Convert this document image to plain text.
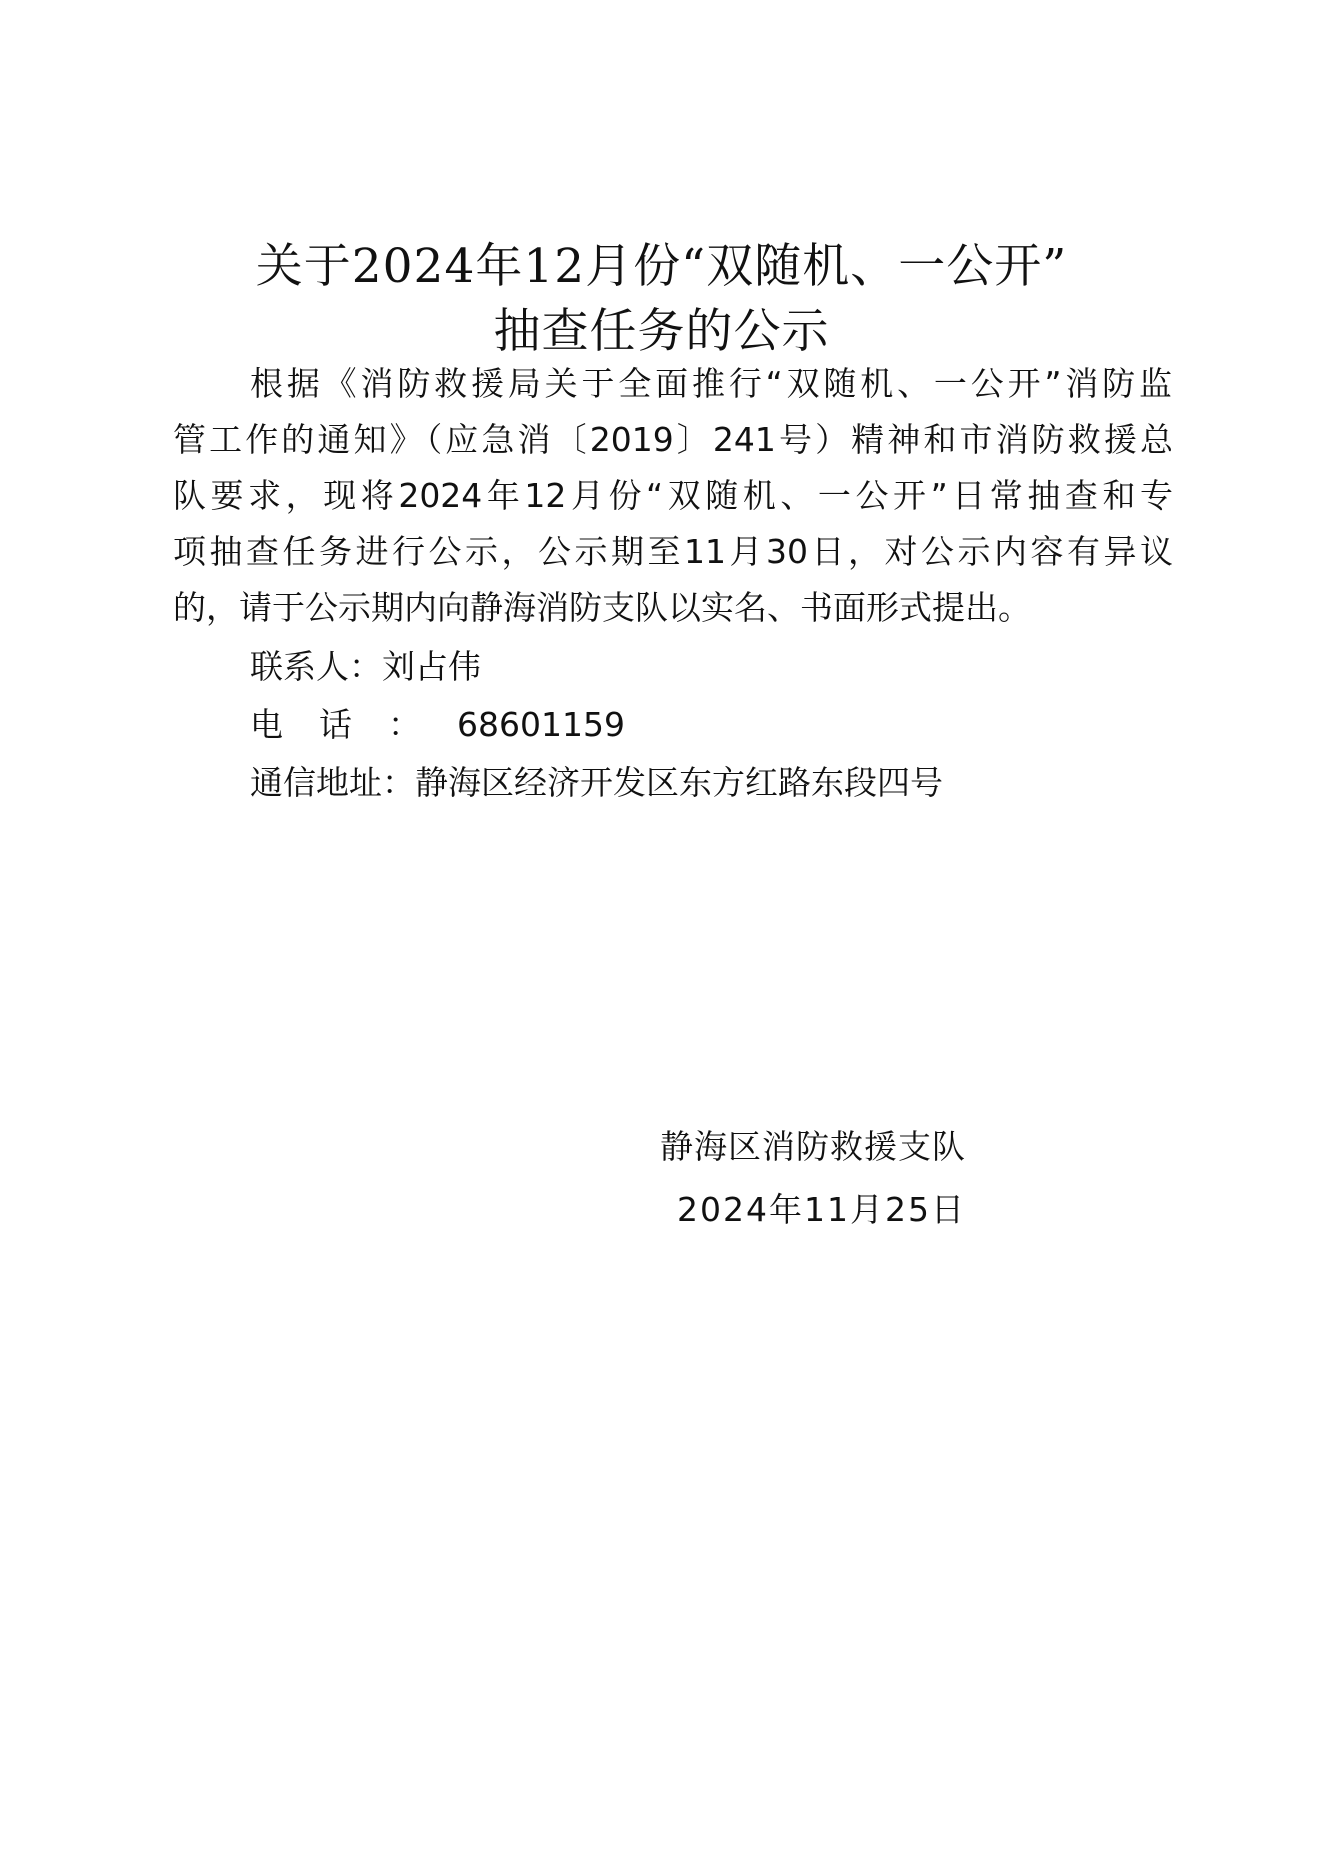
关于2024年12月份“双随机、一公开”
抽查任务的公示
根据《消防救援局关于全面推行“双随机、一公开”消防监
管工作的通知》（应急消〔2019〕241号）精神和市消防救援总
队要求，现将2024年12月份“双随机、一公开”日常抽查和专
项抽查任务进行公示，公示期至11月30日，对公示内容有异议
的，请于公示期内向静海消防支队以实名、书面形式提出。
联系人：刘占伟
电话：68601159
通信地址：静海区经济开发区东方红路东段四号
静海区消防救援支队
2024年11月25日
